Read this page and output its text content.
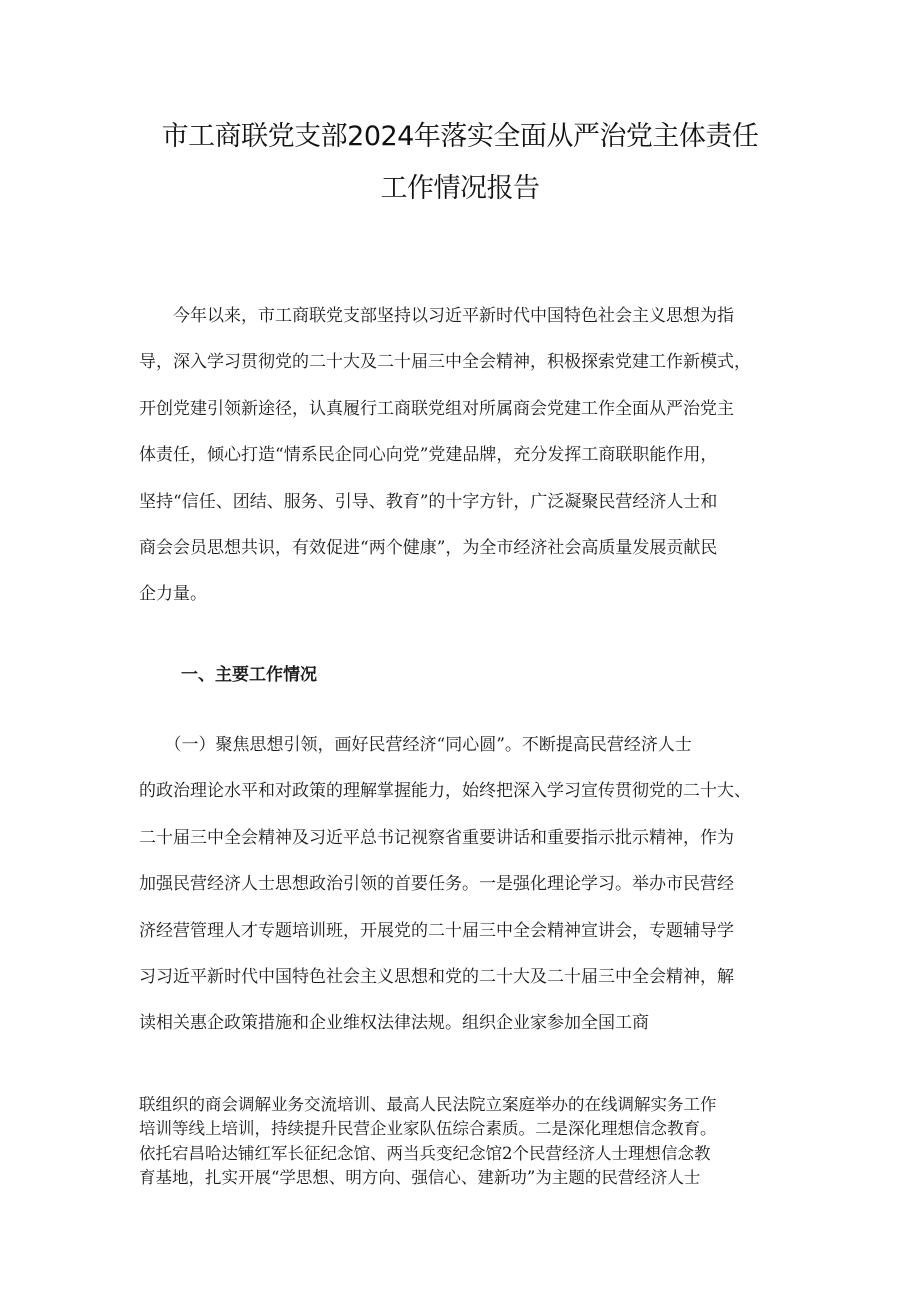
市工商联党支部2024年落实全面从严治党主体责任
工作情况报告
　　今年以来，市工商联党支部坚持以习近平新时代中国特色社会主义思想为指
导，深入学习贯彻党的二十大及二十届三中全会精神，积极探索党建工作新模式，
开创党建引领新途径，认真履行工商联党组对所属商会党建工作全面从严治党主
体责任，倾心打造“情系民企同心向党”党建品牌，充分发挥工商联职能作用，
坚持“信任、团结、服务、引导、教育”的十字方针，广泛凝聚民营经济人士和
商会会员思想共识，有效促进“两个健康”，为全市经济社会高质量发展贡献民
企力量。
一、主要工作情况
　　（一）聚焦思想引领，画好民营经济“同心圆”。不断提高民营经济人士
的政治理论水平和对政策的理解掌握能力，始终把深入学习宣传贯彻党的二十大、
二十届三中全会精神及习近平总书记视察省重要讲话和重要指示批示精神，作为
加强民营经济人士思想政治引领的首要任务。一是强化理论学习。举办市民营经
济经营管理人才专题培训班，开展党的二十届三中全会精神宣讲会，专题辅导学
习习近平新时代中国特色社会主义思想和党的二十大及二十届三中全会精神，解
读相关惠企政策措施和企业维权法律法规。组织企业家参加全国工商
联组织的商会调解业务交流培训、最高人民法院立案庭举办的在线调解实务工作
培训等线上培训，持续提升民营企业家队伍综合素质。二是深化理想信念教育。
依托宕昌哈达铺红军长征纪念馆、两当兵变纪念馆2个民营经济人士理想信念教
育基地，扎实开展“学思想、明方向、强信心、建新功”为主题的民营经济人士
